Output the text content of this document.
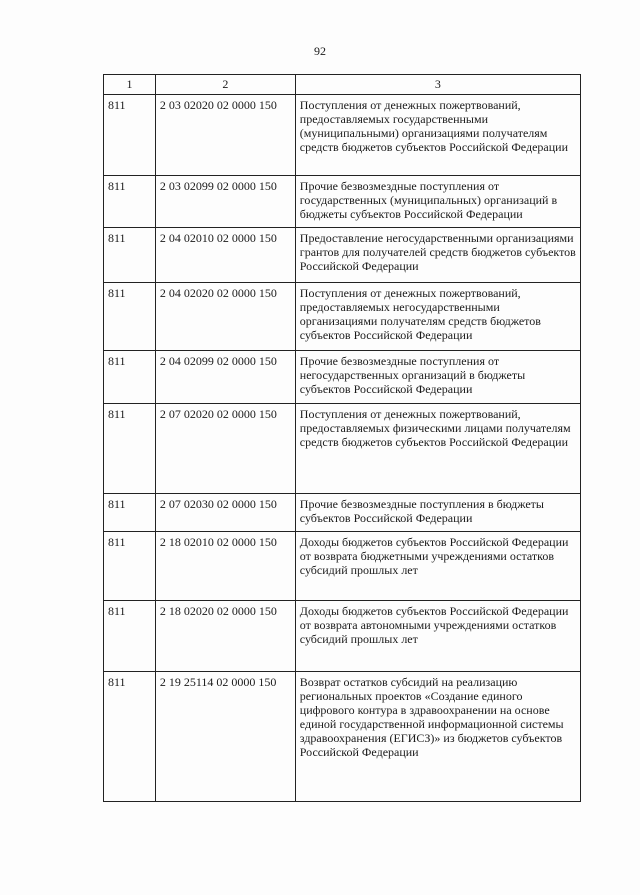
92
1	2	3
811	2 03 02020 02 0000 150	Поступления от денежных пожертвований, предоставляемых государственными (муниципальными) организациями получателям средств бюджетов субъектов Российской Федерации
811	2 03 02099 02 0000 150	Прочие безвозмездные поступления от государственных (муниципальных) организаций в бюджеты субъектов Российской Федерации
811	2 04 02010 02 0000 150	Предоставление негосударственными организациями грантов для получателей средств бюджетов субъектов Российской Федерации
811	2 04 02020 02 0000 150	Поступления от денежных пожертвований, предоставляемых негосударственными организациями получателям средств бюджетов субъектов Российской Федерации
811	2 04 02099 02 0000 150	Прочие безвозмездные поступления от негосударственных организаций в бюджеты субъектов Российской Федерации
811	2 07 02020 02 0000 150	Поступления от денежных пожертвований, предоставляемых физическими лицами получателям средств бюджетов субъектов Российской Федерации
811	2 07 02030 02 0000 150	Прочие безвозмездные поступления в бюджеты субъектов Российской Федерации
811	2 18 02010 02 0000 150	Доходы бюджетов субъектов Российской Федерации от возврата бюджетными учреждениями остатков субсидий прошлых лет
811	2 18 02020 02 0000 150	Доходы бюджетов субъектов Российской Федерации от возврата автономными учреждениями остатков субсидий прошлых лет
811	2 19 25114 02 0000 150	Возврат остатков субсидий на реализацию региональных проектов «Создание единого цифрового контура в здравоохранении на основе единой государственной информационной системы здравоохранения (ЕГИСЗ)» из бюджетов субъектов Российской Федерации
